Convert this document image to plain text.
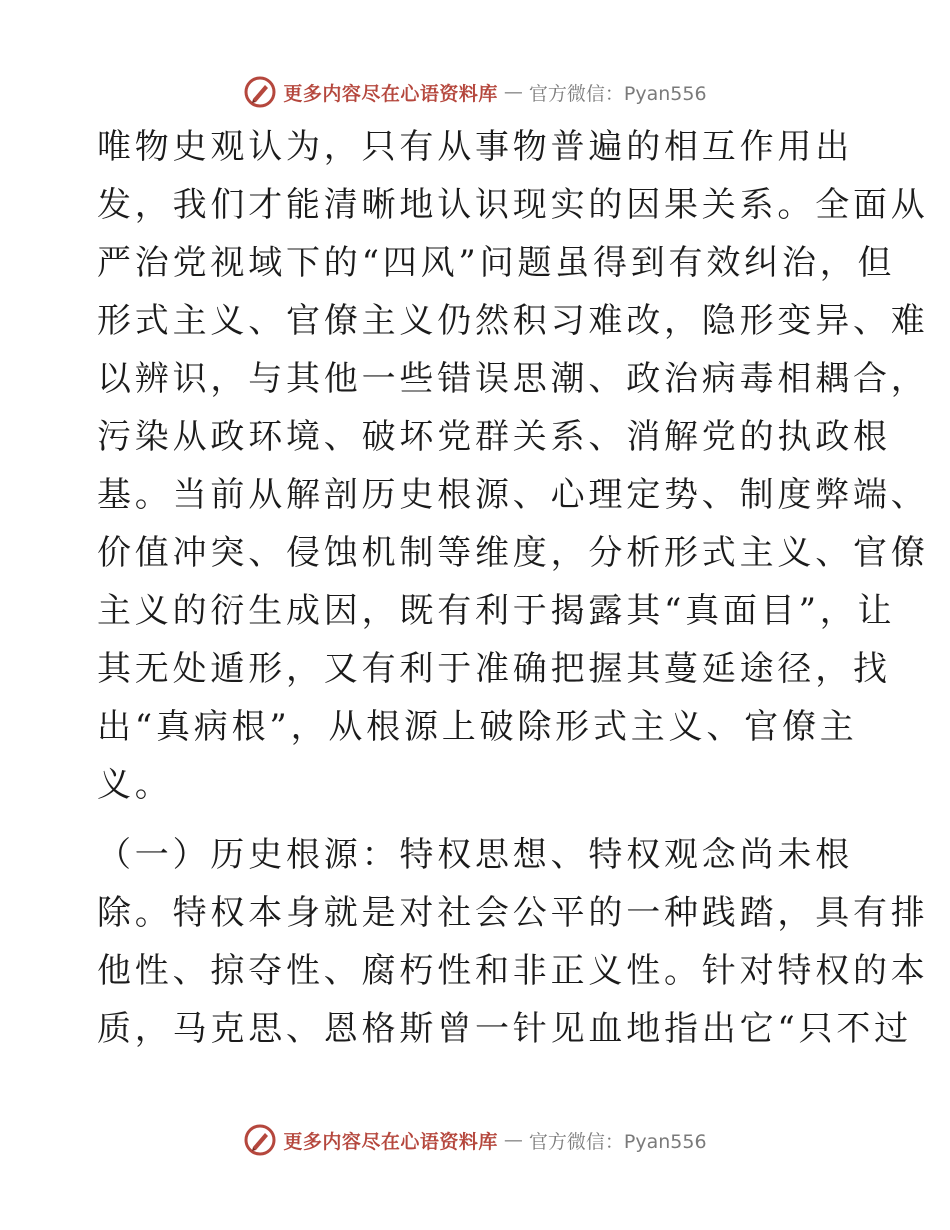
更多内容尽在心语资料库 — 官方微信：Pyan556
唯物史观认为，只有从事物普遍的相互作用出
发，我们才能清晰地认识现实的因果关系。全面从
严治党视域下的“四风”问题虽得到有效纠治，但
形式主义、官僚主义仍然积习难改，隐形变异、难
以辨识，与其他一些错误思潮、政治病毒相耦合，
污染从政环境、破坏党群关系、消解党的执政根
基。当前从解剖历史根源、心理定势、制度弊端、
价值冲突、侵蚀机制等维度，分析形式主义、官僚
主义的衍生成因，既有利于揭露其“真面目”，让
其无处遁形，又有利于准确把握其蔓延途径，找
出“真病根”，从根源上破除形式主义、官僚主
义。
（一）历史根源：特权思想、特权观念尚未根
除。特权本身就是对社会公平的一种践踏，具有排
他性、掠夺性、腐朽性和非正义性。针对特权的本
质，马克思、恩格斯曾一针见血地指出它“只不过
更多内容尽在心语资料库 — 官方微信：Pyan556
